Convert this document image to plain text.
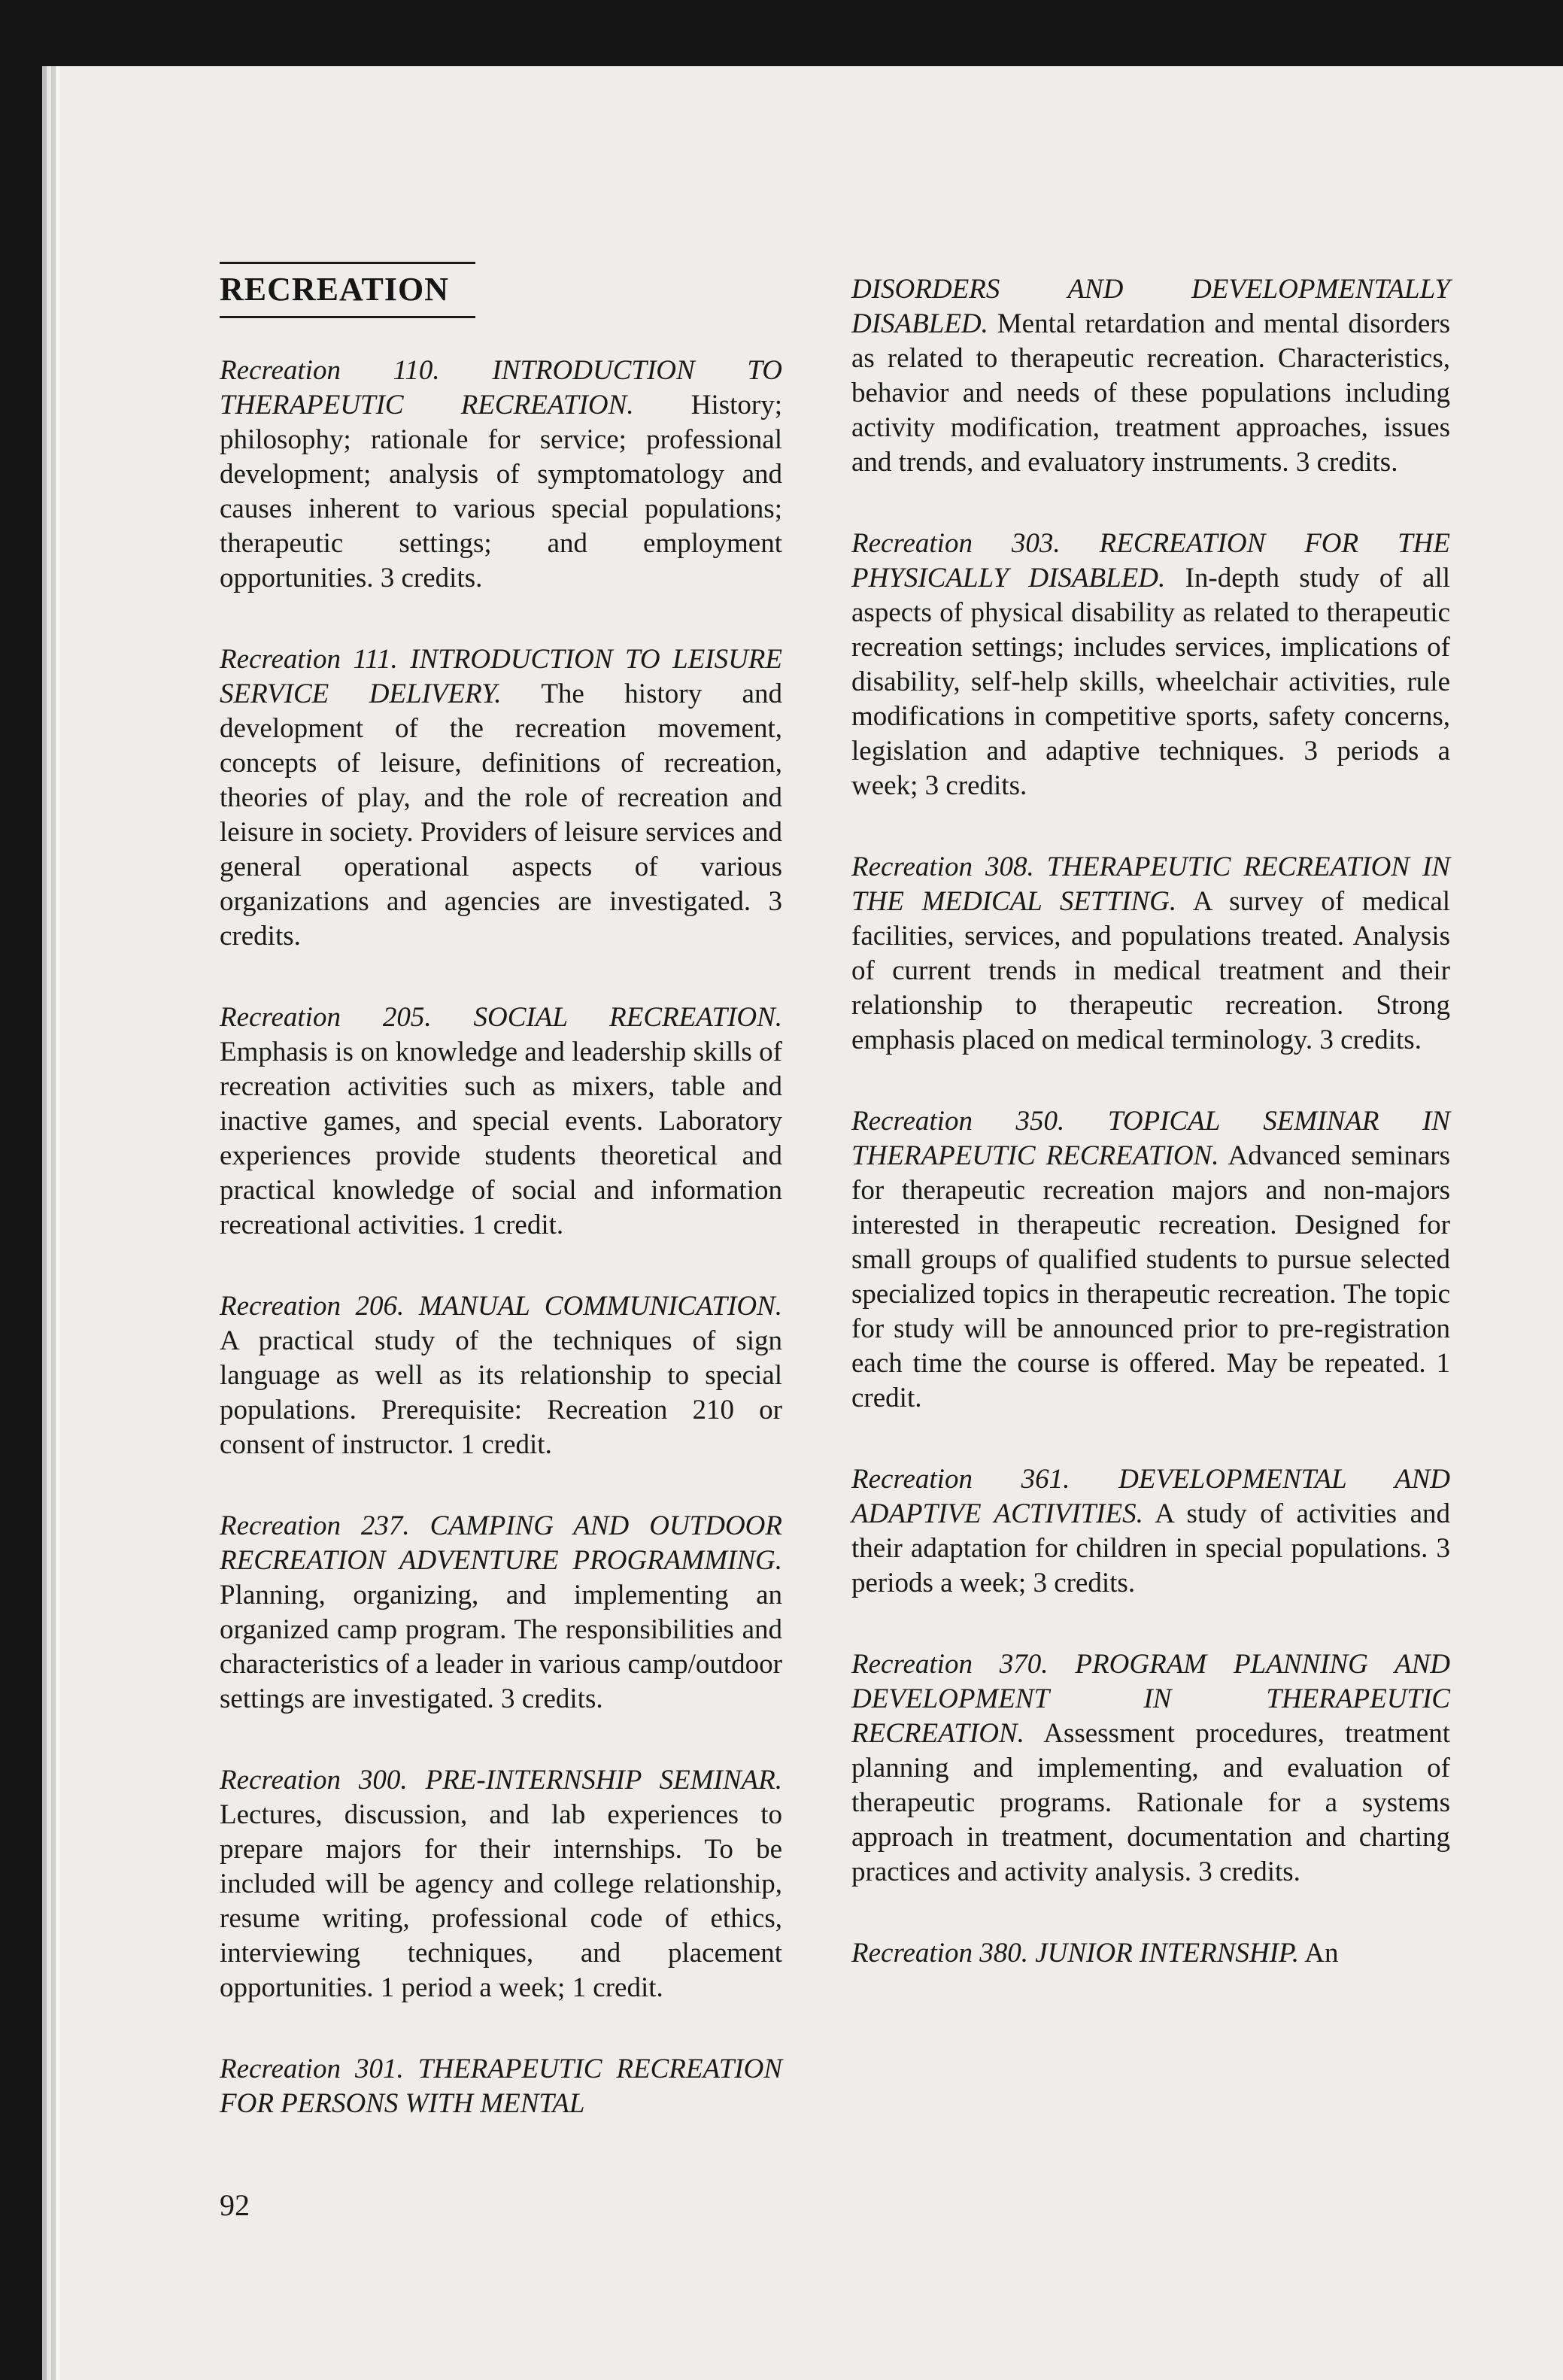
RECREATION

Recreation 110. INTRODUCTION TO THERAPEUTIC RECREATION. History; philosophy; rationale for service; professional development; analysis of symptomatology and causes inherent to various special populations; therapeutic settings; and employment opportunities. 3 credits.

Recreation 111. INTRODUCTION TO LEISURE SERVICE DELIVERY. The history and development of the recreation movement, concepts of leisure, definitions of recreation, theories of play, and the role of recreation and leisure in society. Providers of leisure services and general operational aspects of various organizations and agencies are investigated. 3 credits.

Recreation 205. SOCIAL RECREATION. Emphasis is on knowledge and leadership skills of recreation activities such as mixers, table and inactive games, and special events. Laboratory experiences provide students theoretical and practical knowledge of social and information recreational activities. 1 credit.

Recreation 206. MANUAL COMMUNICATION. A practical study of the techniques of sign language as well as its relationship to special populations. Prerequisite: Recreation 210 or consent of instructor. 1 credit.

Recreation 237. CAMPING AND OUTDOOR RECREATION ADVENTURE PROGRAMMING. Planning, organizing, and implementing an organized camp program. The responsibilities and characteristics of a leader in various camp/outdoor settings are investigated. 3 credits.

Recreation 300. PRE-INTERNSHIP SEMINAR. Lectures, discussion, and lab experiences to prepare majors for their internships. To be included will be agency and college relationship, resume writing, professional code of ethics, interviewing techniques, and placement opportunities. 1 period a week; 1 credit.

Recreation 301. THERAPEUTIC RECREATION FOR PERSONS WITH MENTAL

DISORDERS AND DEVELOPMENTALLY DISABLED. Mental retardation and mental disorders as related to therapeutic recreation. Characteristics, behavior and needs of these populations including activity modification, treatment approaches, issues and trends, and evaluatory instruments. 3 credits.

Recreation 303. RECREATION FOR THE PHYSICALLY DISABLED. In-depth study of all aspects of physical disability as related to therapeutic recreation settings; includes services, implications of disability, self-help skills, wheelchair activities, rule modifications in competitive sports, safety concerns, legislation and adaptive techniques. 3 periods a week; 3 credits.

Recreation 308. THERAPEUTIC RECREATION IN THE MEDICAL SETTING. A survey of medical facilities, services, and populations treated. Analysis of current trends in medical treatment and their relationship to therapeutic recreation. Strong emphasis placed on medical terminology. 3 credits.

Recreation 350. TOPICAL SEMINAR IN THERAPEUTIC RECREATION. Advanced seminars for therapeutic recreation majors and non-majors interested in therapeutic recreation. Designed for small groups of qualified students to pursue selected specialized topics in therapeutic recreation. The topic for study will be announced prior to pre-registration each time the course is offered. May be repeated. 1 credit.

Recreation 361. DEVELOPMENTAL AND ADAPTIVE ACTIVITIES. A study of activities and their adaptation for children in special populations. 3 periods a week; 3 credits.

Recreation 370. PROGRAM PLANNING AND DEVELOPMENT IN THERAPEUTIC RECREATION. Assessment procedures, treatment planning and implementing, and evaluation of therapeutic programs. Rationale for a systems approach in treatment, documentation and charting practices and activity analysis. 3 credits.

Recreation 380. JUNIOR INTERNSHIP. An

92
